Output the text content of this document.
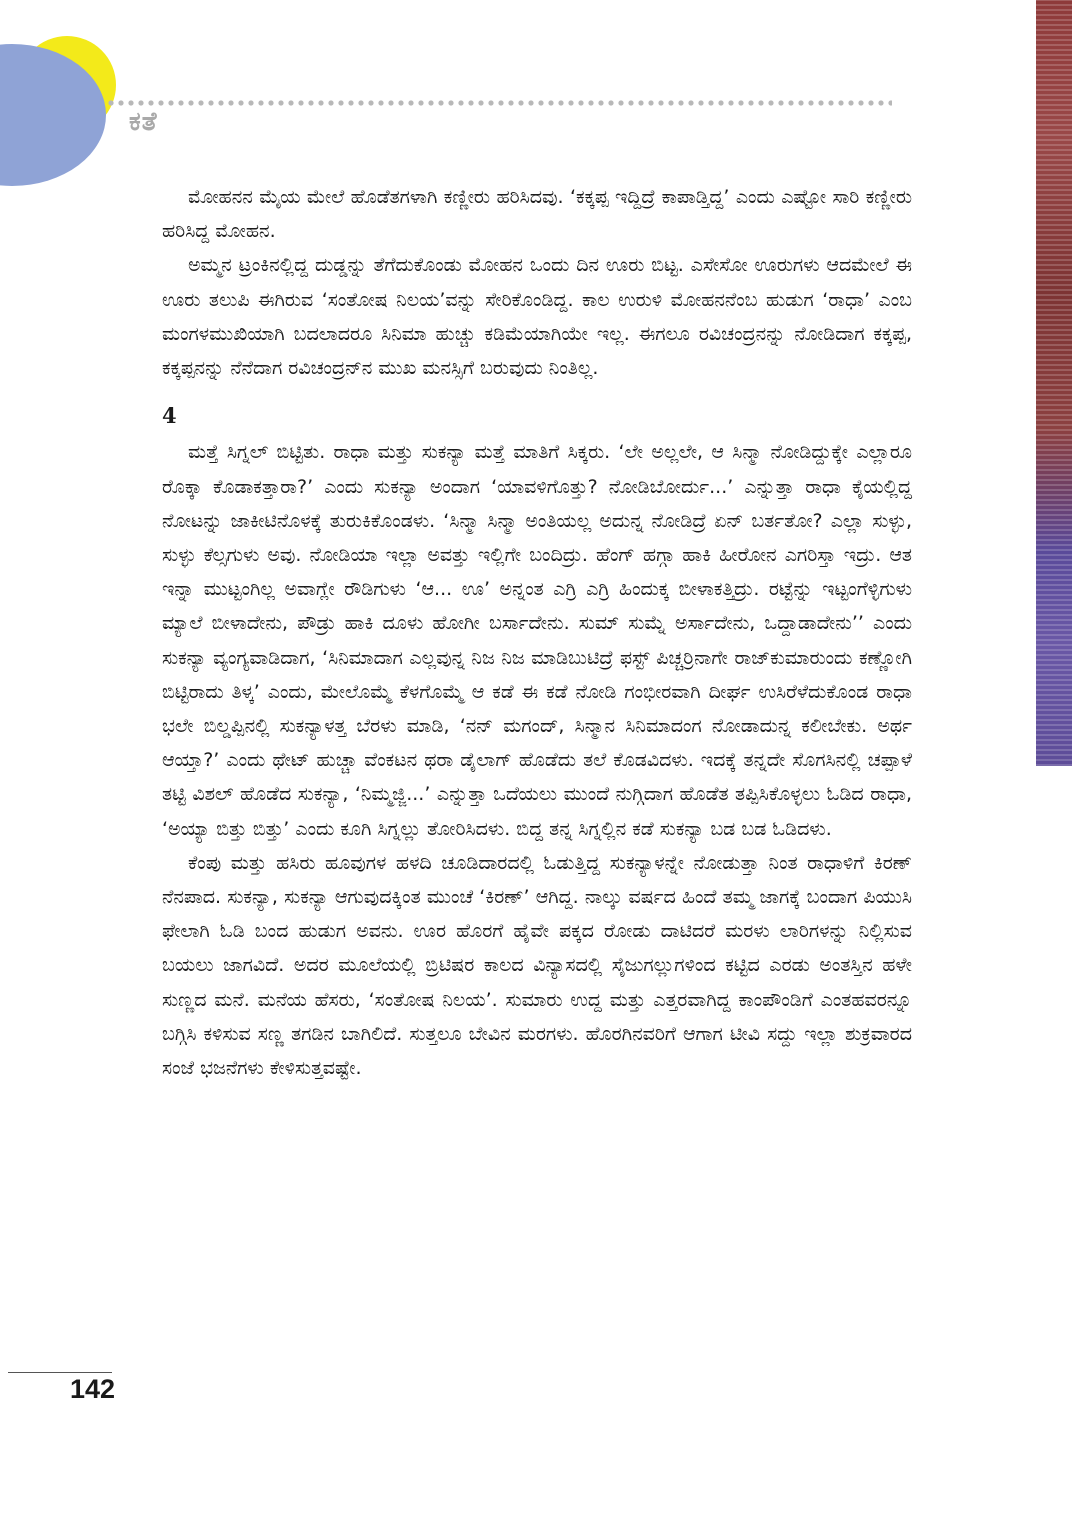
ಕತೆ

ಮೋಹನನ ಮೈಯ ಮೇಲೆ ಹೊಡೆತಗಳಾಗಿ ಕಣ್ಣೀರು ಹರಿಸಿದವು. ‘ಕಕ್ಕಪ್ಪ ಇದ್ದಿದ್ರೆ ಕಾಪಾಡ್ತಿದ್ದ’ ಎಂದು ಎಷ್ಟೋ ಸಾರಿ ಕಣ್ಣೀರು ಹರಿಸಿದ್ದ ಮೋಹನ.

ಅಮ್ಮನ ಟ್ರಂಕಿನಲ್ಲಿದ್ದ ದುಡ್ಡನ್ನು ತೆಗೆದುಕೊಂಡು ಮೋಹನ ಒಂದು ದಿನ ಊರು ಬಿಟ್ಟ. ಎಸೇಸೋ ಊರುಗಳು ಆದಮೇಲೆ ಈ ಊರು ತಲುಪಿ ಈಗಿರುವ ‘ಸಂತೋಷ ನಿಲಯ’ವನ್ನು ಸೇರಿಕೊಂಡಿದ್ದ. ಕಾಲ ಉರುಳಿ ಮೋಹನನೆಂಬ ಹುಡುಗ ‘ರಾಧಾ’ ಎಂಬ ಮಂಗಳಮುಖಿಯಾಗಿ ಬದಲಾದರೂ ಸಿನಿಮಾ ಹುಚ್ಚು ಕಡಿಮೆಯಾಗಿಯೇ ಇಲ್ಲ. ಈಗಲೂ ರವಿಚಂದ್ರನನ್ನು ನೋಡಿದಾಗ ಕಕ್ಕಪ್ಪ, ಕಕ್ಕಪ್ಪನನ್ನು ನೆನೆದಾಗ ರವಿಚಂದ್ರನ್‌ನ ಮುಖ ಮನಸ್ಸಿಗೆ ಬರುವುದು ನಿಂತಿಲ್ಲ.

4

ಮತ್ತೆ ಸಿಗ್ನಲ್ ಬಿಟ್ಟಿತು. ರಾಧಾ ಮತ್ತು ಸುಕನ್ಯಾ ಮತ್ತೆ ಮಾತಿಗೆ ಸಿಕ್ಕರು. ‘ಲೇ ಅಲ್ಲಲೇ, ಆ ಸಿನ್ಮಾ ನೋಡಿದ್ದುಕ್ಕೇ ಎಲ್ಲಾರೂ ರೊಕ್ಕಾ ಕೊಡಾಕತ್ತಾರಾ?’ ಎಂದು ಸುಕನ್ಯಾ ಅಂದಾಗ ‘ಯಾವಳಿಗೊತ್ತು? ನೋಡಿಬೋರ್ದು...’ ಎನ್ನುತ್ತಾ ರಾಧಾ ಕೈಯಲ್ಲಿದ್ದ ನೋಟನ್ನು ಜಾಕೀಟಿನೊಳಕ್ಕೆ ತುರುಕಿಕೊಂಡಳು. ‘ಸಿನ್ಮಾ ಸಿನ್ಮಾ ಅಂತಿಯಲ್ಲ ಅದುನ್ನ ನೋಡಿದ್ರೆ ಏನ್ ಬರ್ತತೋ? ಎಲ್ಲಾ ಸುಳ್ಳು, ಸುಳ್ಳು ಕೆಲ್ಸಗುಳು ಅವು. ನೋಡಿಯಾ ಇಲ್ಲಾ ಅವತ್ತು ಇಲ್ಲಿಗೇ ಬಂದಿದ್ರು. ಹೆಂಗ್ ಹಗ್ಗಾ ಹಾಕಿ ಹೀರೋನ ಎಗರಿಸ್ತಾ ಇದ್ರು. ಆತ ಇನ್ನಾ ಮುಟ್ಟಂಗಿಲ್ಲ ಅವಾಗ್ಲೇ ರೌಡಿಗುಳು ‘ಆ... ಊ’ ಅನ್ನಂತ ಎಗ್ರಿ ಎಗ್ರಿ ಹಿಂದುಕ್ಕ ಬೀಳಾಕತ್ತಿದ್ರು. ರಟ್ಟೆನ್ನು ಇಟ್ಟಂಗೆಳ್ಳಿಗುಳು ಮ್ಯಾಲೆ ಬೀಳಾದೇನು, ಪೌಡ್ರು ಹಾಕಿ ದೂಳು ಹೋಗೀ ಬರ್ಸಾದೇನು. ಸುಮ್ ಸುಮ್ನೆ ಅರ್ಸಾದೇನು, ಒದ್ದಾಡಾದೇನು’’ ಎಂದು ಸುಕನ್ಯಾ ವ್ಯಂಗ್ಯವಾಡಿದಾಗ, ‘ಸಿನಿಮಾದಾಗ ಎಲ್ಲವುನ್ನ ನಿಜ ನಿಜ ಮಾಡಿಬುಟಿದ್ರೆ ಫಸ್ಟ್ ಪಿಚ್ಚರ್ರಿನಾಗೇ ರಾಜ್‌ಕುಮಾರುಂದು ಕಣ್ಣೋಗಿ ಬಿಟ್ಟಿರಾದು ತಿಳ್ಕ’ ಎಂದು, ಮೇಲೊಮ್ಮೆ ಕೆಳಗೊಮ್ಮೆ ಆ ಕಡೆ ಈ ಕಡೆ ನೋಡಿ ಗಂಭೀರವಾಗಿ ದೀರ್ಘ ಉಸಿರೆಳೆದುಕೊಂಡ ರಾಧಾ ಭಲೇ ಬಿಲ್ಡಪ್ಪಿನಲ್ಲಿ ಸುಕನ್ಯಾಳತ್ತ ಬೆರಳು ಮಾಡಿ, ‘ನನ್ ಮಗಂದ್, ಸಿನ್ಮಾನ ಸಿನಿಮಾದಂಗ ನೋಡಾದುನ್ನ ಕಲೀಬೇಕು. ಅರ್ಥ ಆಯ್ತಾ?’ ಎಂದು ಥೇಟ್ ಹುಚ್ಚಾ ವೆಂಕಟನ ಥರಾ ಡೈಲಾಗ್ ಹೊಡೆದು ತಲೆ ಕೊಡವಿದಳು. ಇದಕ್ಕೆ ತನ್ನದೇ ಸೊಗಸಿನಲ್ಲಿ ಚಪ್ಪಾಳೆ ತಟ್ಟಿ ವಿಶಲ್ ಹೊಡೆದ ಸುಕನ್ಯಾ, ‘ನಿಮ್ಮಜ್ಜಿ...’ ಎನ್ನುತ್ತಾ ಒದೆಯಲು ಮುಂದೆ ನುಗ್ಗಿದಾಗ ಹೊಡೆತ ತಪ್ಪಿಸಿಕೊಳ್ಳಲು ಓಡಿದ ರಾಧಾ, ‘ಅಯ್ಯಾ ಬಿತ್ತು ಬಿತ್ತು’ ಎಂದು ಕೂಗಿ ಸಿಗ್ನಲ್ಲು ತೋರಿಸಿದಳು. ಬಿದ್ದ ತನ್ನ ಸಿಗ್ನಲ್ಲಿನ ಕಡೆ ಸುಕನ್ಯಾ ಬಡ ಬಡ ಓಡಿದಳು.

ಕೆಂಪು ಮತ್ತು ಹಸಿರು ಹೂವುಗಳ ಹಳದಿ ಚೂಡಿದಾರದಲ್ಲಿ ಓಡುತ್ತಿದ್ದ ಸುಕನ್ಯಾಳನ್ನೇ ನೋಡುತ್ತಾ ನಿಂತ ರಾಧಾಳಿಗೆ ಕಿರಣ್ ನೆನಪಾದ. ಸುಕನ್ಯಾ, ಸುಕನ್ಯಾ ಆಗುವುದಕ್ಕಿಂತ ಮುಂಚೆ ‘ಕಿರಣ್’ ಆಗಿದ್ದ. ನಾಲ್ಕು ವರ್ಷದ ಹಿಂದೆ ತಮ್ಮ ಜಾಗಕ್ಕೆ ಬಂದಾಗ ಪಿಯುಸಿ ಫೇಲಾಗಿ ಓಡಿ ಬಂದ ಹುಡುಗ ಅವನು. ಊರ ಹೊರಗೆ ಹೈವೇ ಪಕ್ಕದ ರೋಡು ದಾಟಿದರೆ ಮರಳು ಲಾರಿಗಳನ್ನು ನಿಲ್ಲಿಸುವ ಬಯಲು ಜಾಗವಿದೆ. ಅದರ ಮೂಲೆಯಲ್ಲಿ ಬ್ರಿಟಿಷರ ಕಾಲದ ವಿನ್ಯಾಸದಲ್ಲಿ ಸೈಜುಗಲ್ಲುಗಳಿಂದ ಕಟ್ಟಿದ ಎರಡು ಅಂತಸ್ತಿನ ಹಳೇ ಸುಣ್ಣದ ಮನೆ. ಮನೆಯ ಹೆಸರು, ‘ಸಂತೋಷ ನಿಲಯ’. ಸುಮಾರು ಉದ್ದ ಮತ್ತು ಎತ್ತರವಾಗಿದ್ದ ಕಾಂಪೌಂಡಿಗೆ ಎಂತಹವರನ್ನೂ ಬಗ್ಗಿಸಿ ಕಳಿಸುವ ಸಣ್ಣ ತಗಡಿನ ಬಾಗಿಲಿದೆ. ಸುತ್ತಲೂ ಬೇವಿನ ಮರಗಳು. ಹೊರಗಿನವರಿಗೆ ಆಗಾಗ ಟೀವಿ ಸದ್ದು ಇಲ್ಲಾ ಶುಕ್ರವಾರದ ಸಂಜೆ ಭಜನೆಗಳು ಕೇಳಿಸುತ್ತವಷ್ಟೇ.

142
